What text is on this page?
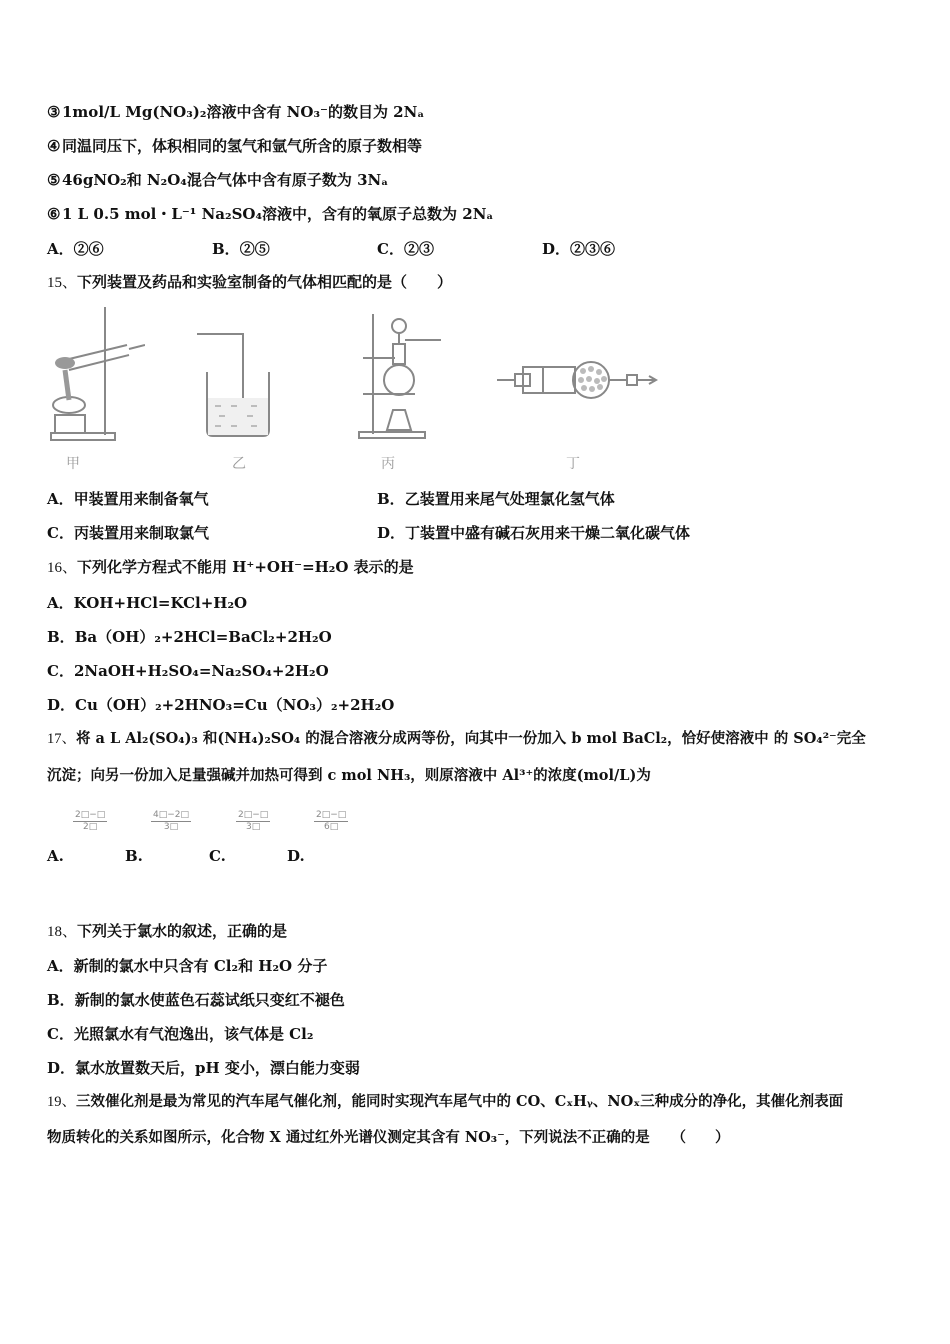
③ 1mol/L Mg(NO₃)₂溶液中含有 NO₃⁻的数目为 2Nₐ
④ 同温同压下，体积相同的氢气和氩气所含的原子数相等
⑤ 46gNO₂和 N₂O₄混合气体中含有原子数为 3Nₐ
⑥ 1 L 0.5 mol・L⁻¹ Na₂SO₄溶液中，含有的氧原子总数为 2Nₐ
A．②⑥	B．②⑤	C．②③	D．②③⑥
15、下列装置及药品和实验室制备的气体相匹配的是（　　）
甲	乙	丙	丁
A．甲装置用来制备氧气	B．乙装置用来尾气处理氯化氢气体
C．丙装置用来制取氯气	D．丁装置中盛有碱石灰用来干燥二氧化碳气体
16、下列化学方程式不能用 H⁺+OH⁻=H₂O 表示的是
A．KOH+HCl=KCl+H₂O
B．Ba（OH）₂+2HCl=BaCl₂+2H₂O
C．2NaOH+H₂SO₄=Na₂SO₄+2H₂O
D．Cu（OH）₂+2HNO₃=Cu（NO₃）₂+2H₂O
17、将 a L Al₂(SO₄)₃ 和(NH₄)₂SO₄ 的混合溶液分成两等份，向其中一份加入 b mol BaCl₂，恰好使溶液中 的 SO₄²⁻完全
沉淀；向另一份加入足量强碱并加热可得到 c mol NH₃，则原溶液中 Al³⁺的浓度(mol/L)为
$\frac{2□-□}{2□}$	$\frac{4□-2□}{3□}$	$\frac{2□-□}{3□}$	$\frac{2□-□}{6□}$
A.	B.	C.	D.
18、下列关于氯水的叙述，正确的是
A．新制的氯水中只含有 Cl₂和 H₂O 分子
B．新制的氯水使蓝色石蕊试纸只变红不褪色
C．光照氯水有气泡逸出，该气体是 Cl₂
D．氯水放置数天后，pH 变小，漂白能力变弱
19、三效催化剂是最为常见的汽车尾气催化剂，能同时实现汽车尾气中的 CO、CₓHᵧ、NOₓ三种成分的净化，其催化剂表面
物质转化的关系如图所示，化合物 X 通过红外光谱仪测定其含有 NO₃⁻，下列说法不正确的是　　（　　）
